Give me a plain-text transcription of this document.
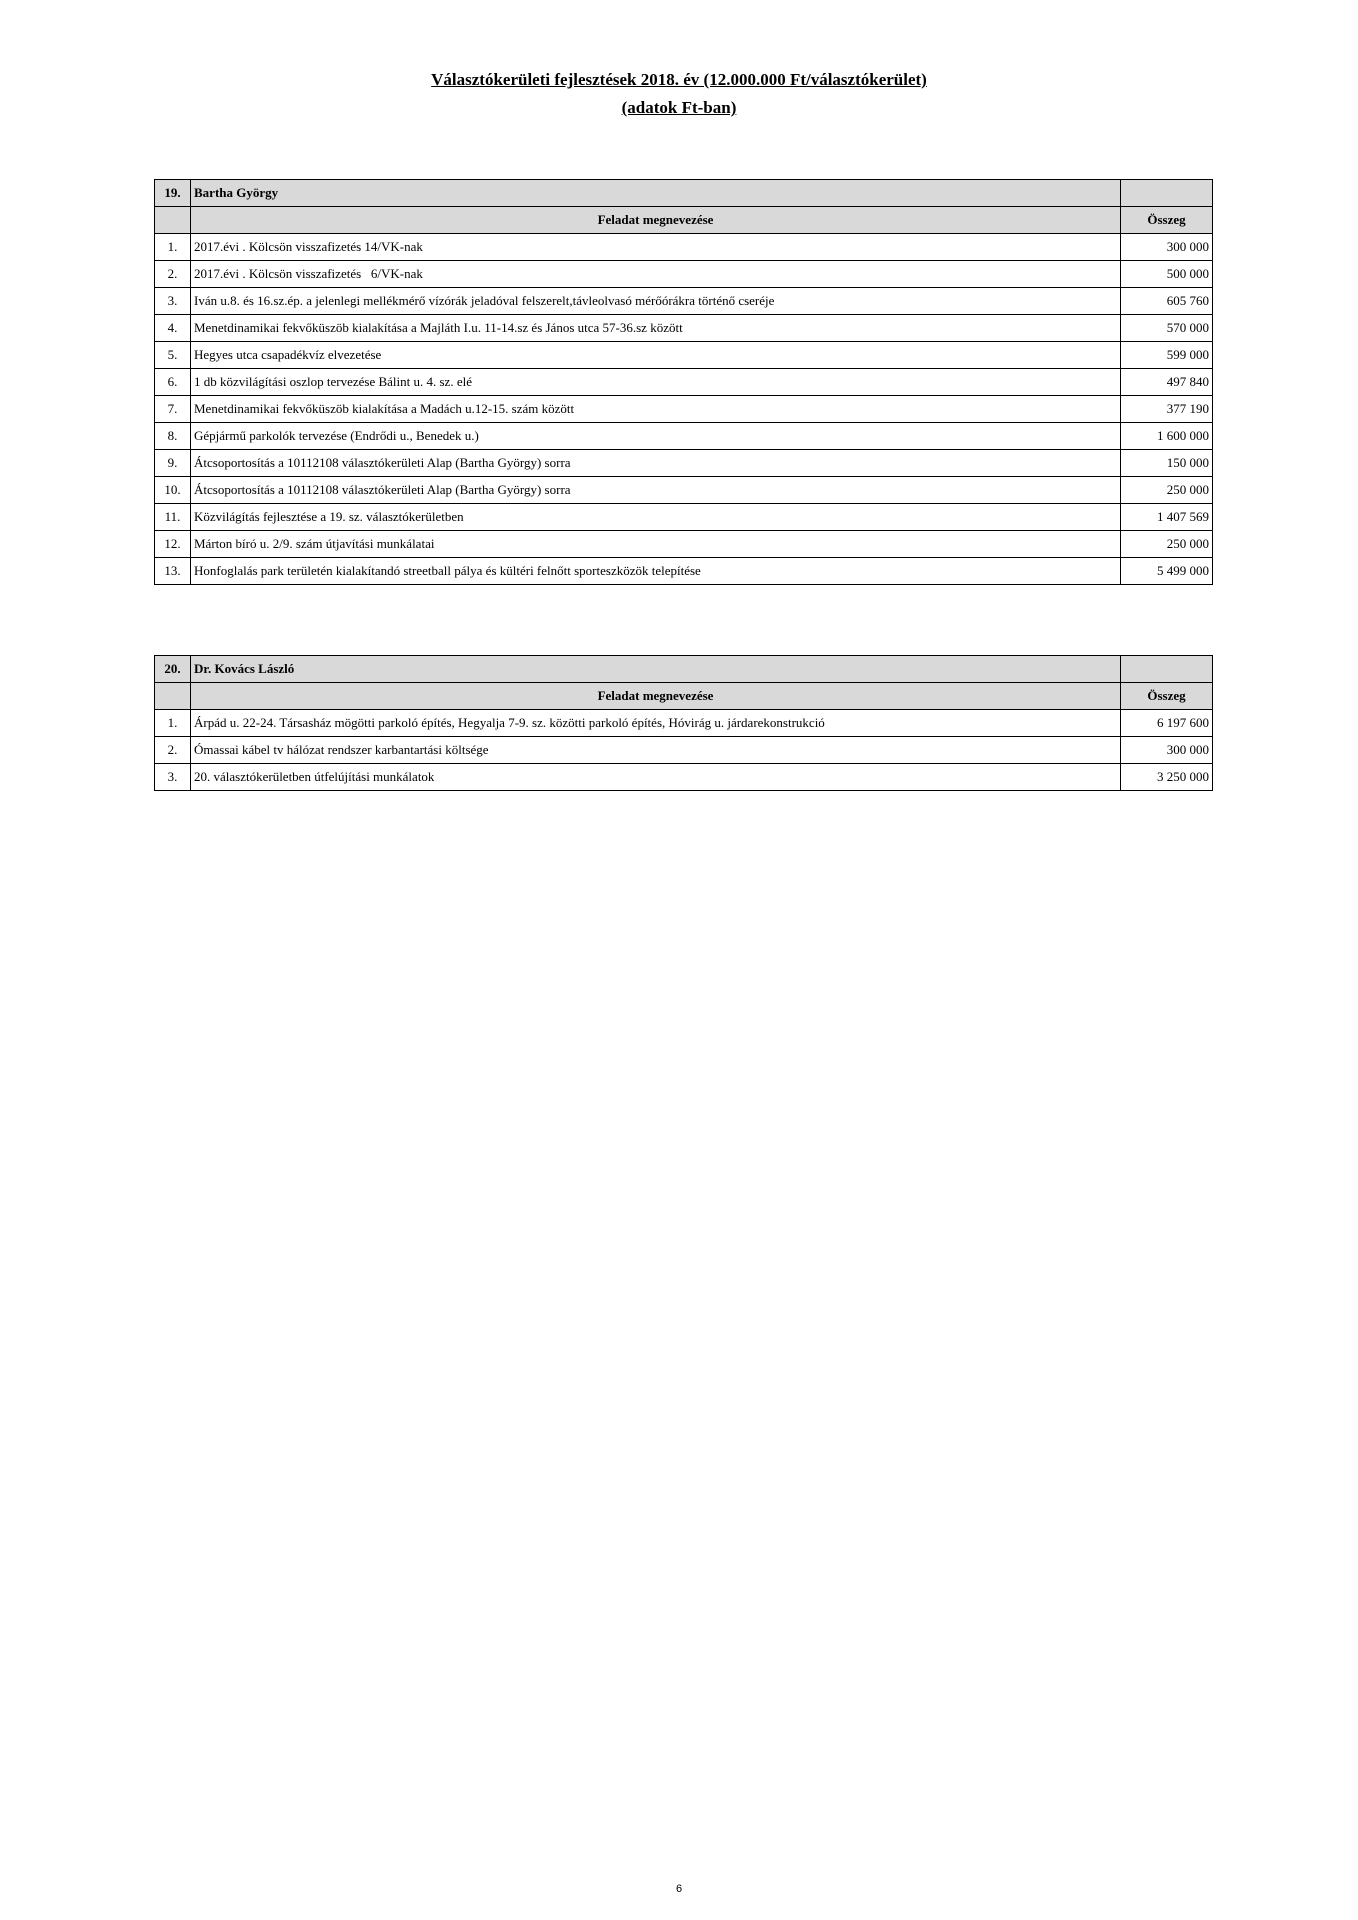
Választókerületi fejlesztések 2018. év (12.000.000 Ft/választókerület)
(adatok Ft-ban)
19.	Bartha György	
	Feladat megnevezése	Összeg
1.	2017.évi . Kölcsön visszafizetés 14/VK-nak	300 000
2.	2017.évi . Kölcsön visszafizetés   6/VK-nak	500 000
3.	Iván u.8. és 16.sz.ép. a jelenlegi mellékmérő vízórák jeladóval felszerelt,távleolvasó mérőórákra történő cseréje	605 760
4.	Menetdinamikai fekvőküszöb kialakítása a Majláth I.u. 11-14.sz és János utca 57-36.sz között	570 000
5.	Hegyes utca csapadékvíz elvezetése	599 000
6.	1 db közvilágítási oszlop tervezése Bálint u. 4. sz. elé	497 840
7.	Menetdinamikai fekvőküszöb kialakítása a Madách u.12-15. szám között	377 190
8.	Gépjármű parkolók tervezése (Endrődi u., Benedek u.)	1 600 000
9.	Átcsoportosítás a 10112108 választókerületi Alap (Bartha György) sorra	150 000
10.	Átcsoportosítás a 10112108 választókerületi Alap (Bartha György) sorra	250 000
11.	Közvilágítás fejlesztése a 19. sz. választókerületben	1 407 569
12.	Márton bíró u. 2/9. szám útjavítási munkálatai	250 000
13.	Honfoglalás park területén kialakítandó streetball pálya és kültéri felnőtt sporteszközök telepítése	5 499 000
20.	Dr. Kovács László	
	Feladat megnevezése	Összeg
1.	Árpád u. 22-24. Társasház mögötti parkoló építés, Hegyalja 7-9. sz. közötti parkoló építés, Hóvirág u. járdarekonstrukció	6 197 600
2.	Ómassai kábel tv hálózat rendszer karbantartási költsége	300 000
3.	20. választókerületben útfelújítási munkálatok	3 250 000
6
